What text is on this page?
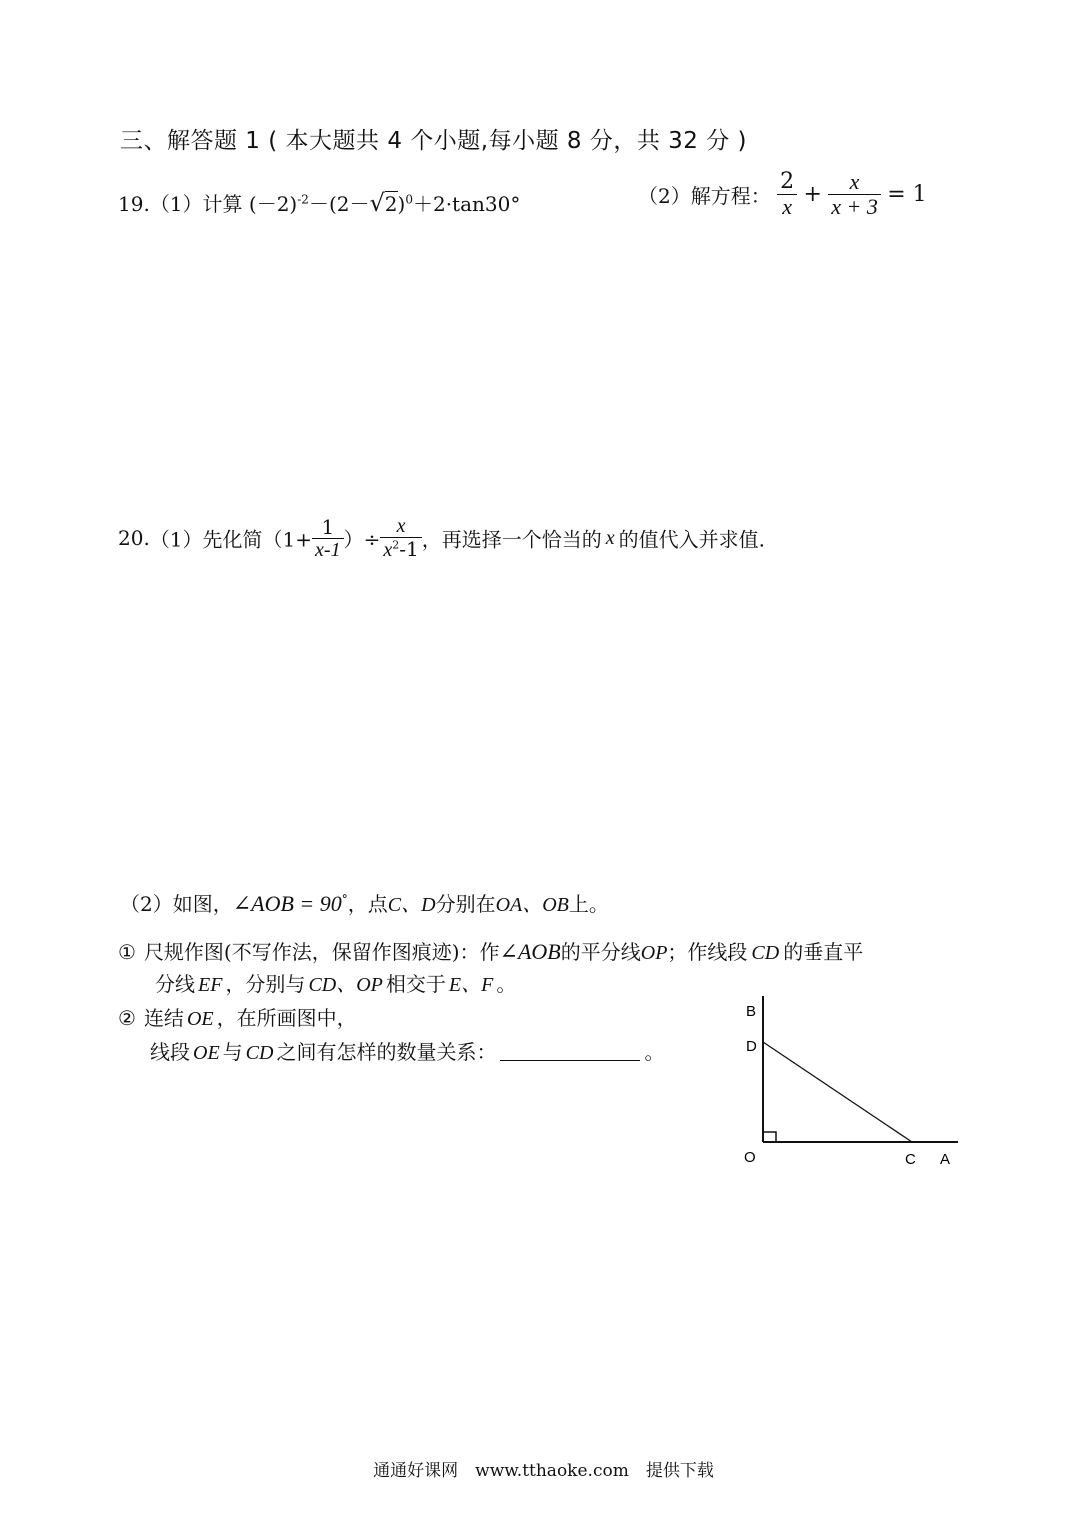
三、解答题 1 ( 本大题共 4 个小题,每小题 8 分，共 32 分 )
19.（1）计算 $(-2)^{-2}-(2-√2)^0+2\cdot\tan 30^\circ$	（2）解方程： $\frac{2}{x} + \frac{x}{x + 3} = 1$
20.（1）先化简（$1+ \frac{1}{x-1}$ ）÷ $\frac{x}{x^2-1}$ ，再选择一个恰当的 x 的值代入并求值.
（2）如图，∠AOB = 90°，点C、D分别在OA、OB上。
① 尺规作图(不写作法，保留作图痕迹)：作∠AOB的平分线OP；作线段 CD 的垂直平
分线 EF ，分别与 CD、OP 相交于 E、F 。
② 连结 OE ，在所画图中，
线段 OE 与 CD 之间有怎样的数量关系：	。
B
D
O	C A
通通好课网　www.tthaoke.com　提供下载
